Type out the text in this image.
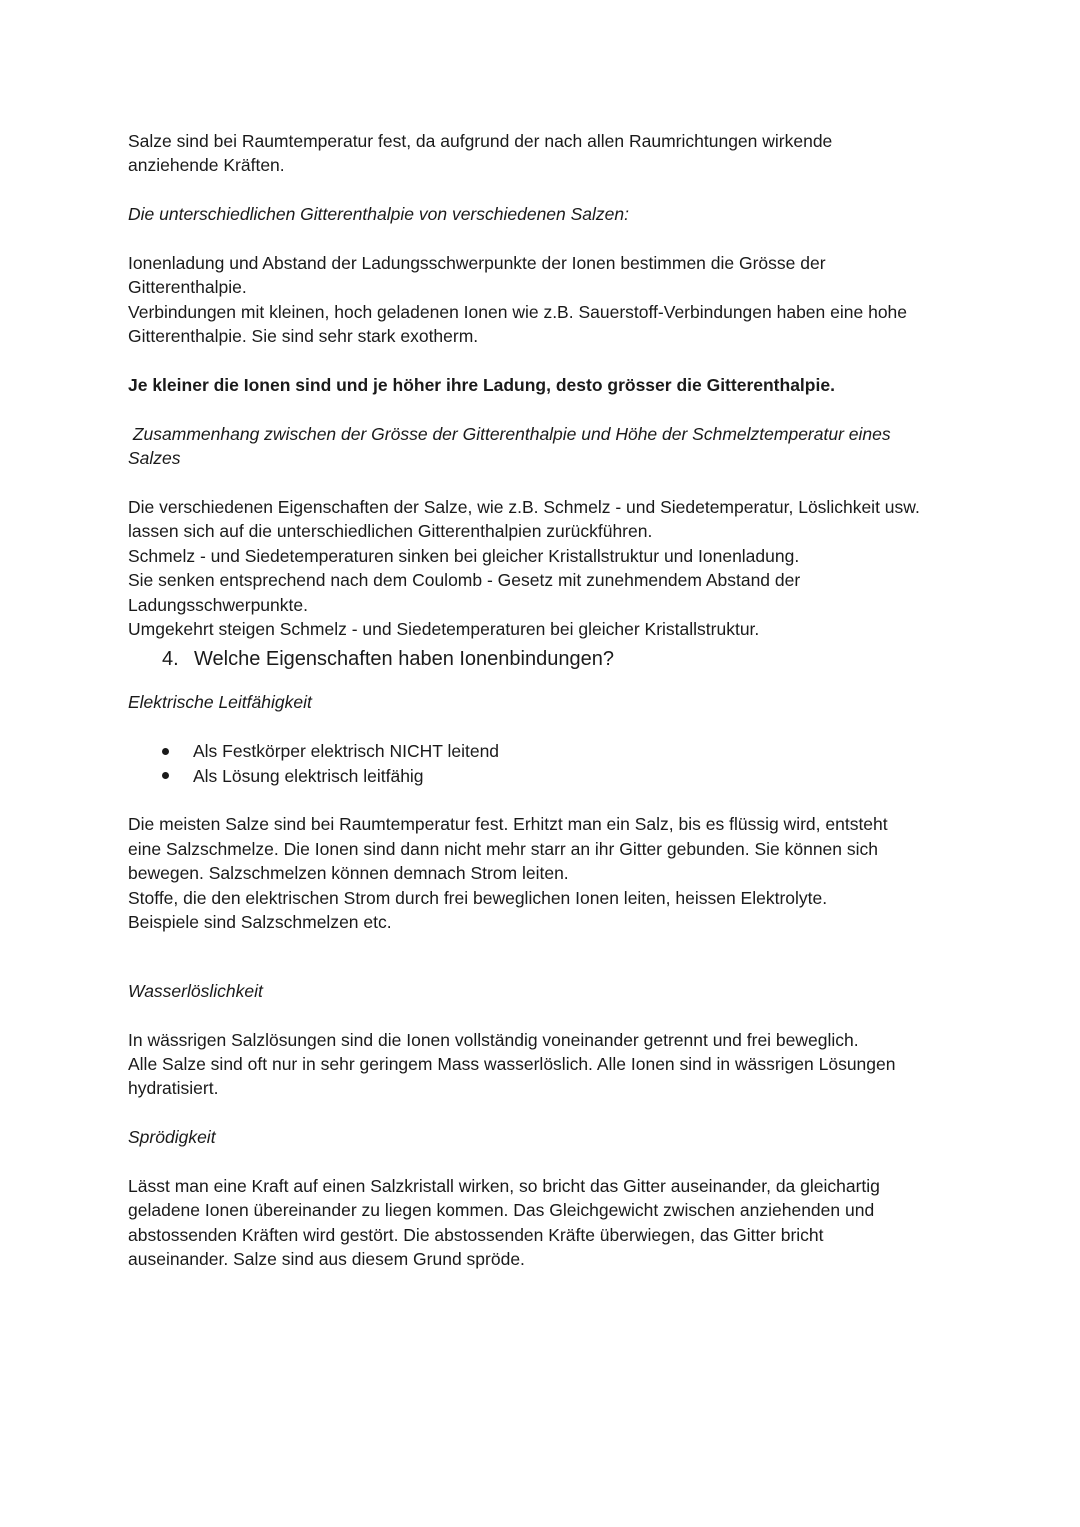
Salze sind bei Raumtemperatur fest, da aufgrund der nach allen Raumrichtungen wirkende
anziehende Kräften.

Die unterschiedlichen Gitterenthalpie von verschiedenen Salzen:

Ionenladung und Abstand der Ladungsschwerpunkte der Ionen bestimmen die Grösse der
Gitterenthalpie.
Verbindungen mit kleinen, hoch geladenen Ionen wie z.B. Sauerstoff-Verbindungen haben eine hohe
Gitterenthalpie. Sie sind sehr stark exotherm.

Je kleiner die Ionen sind und je höher ihre Ladung, desto grösser die Gitterenthalpie.

Zusammenhang zwischen der Grösse der Gitterenthalpie und Höhe der Schmelztemperatur eines
Salzes

Die verschiedenen Eigenschaften der Salze, wie z.B. Schmelz - und Siedetemperatur, Löslichkeit usw.
lassen sich auf die unterschiedlichen Gitterenthalpien zurückführen.
Schmelz - und Siedetemperaturen sinken bei gleicher Kristallstruktur und Ionenladung.
Sie senken entsprechend nach dem Coulomb - Gesetz mit zunehmendem Abstand der
Ladungsschwerpunkte.
Umgekehrt steigen Schmelz - und Siedetemperaturen bei gleicher Kristallstruktur.

4. Welche Eigenschaften haben Ionenbindungen?

Elektrische Leitfähigkeit

Als Festkörper elektrisch NICHT leitend
Als Lösung elektrisch leitfähig

Die meisten Salze sind bei Raumtemperatur fest. Erhitzt man ein Salz, bis es flüssig wird, entsteht
eine Salzschmelze. Die Ionen sind dann nicht mehr starr an ihr Gitter gebunden. Sie können sich
bewegen. Salzschmelzen können demnach Strom leiten.
Stoffe, die den elektrischen Strom durch frei beweglichen Ionen leiten, heissen Elektrolyte.
Beispiele sind Salzschmelzen etc.

Wasserlöslichkeit

In wässrigen Salzlösungen sind die Ionen vollständig voneinander getrennt und frei beweglich.
Alle Salze sind oft nur in sehr geringem Mass wasserlöslich. Alle Ionen sind in wässrigen Lösungen
hydratisiert.

Sprödigkeit

Lässt man eine Kraft auf einen Salzkristall wirken, so bricht das Gitter auseinander, da gleichartig
geladene Ionen übereinander zu liegen kommen. Das Gleichgewicht zwischen anziehenden und
abstossenden Kräften wird gestört. Die abstossenden Kräfte überwiegen, das Gitter bricht
auseinander. Salze sind aus diesem Grund spröde.
